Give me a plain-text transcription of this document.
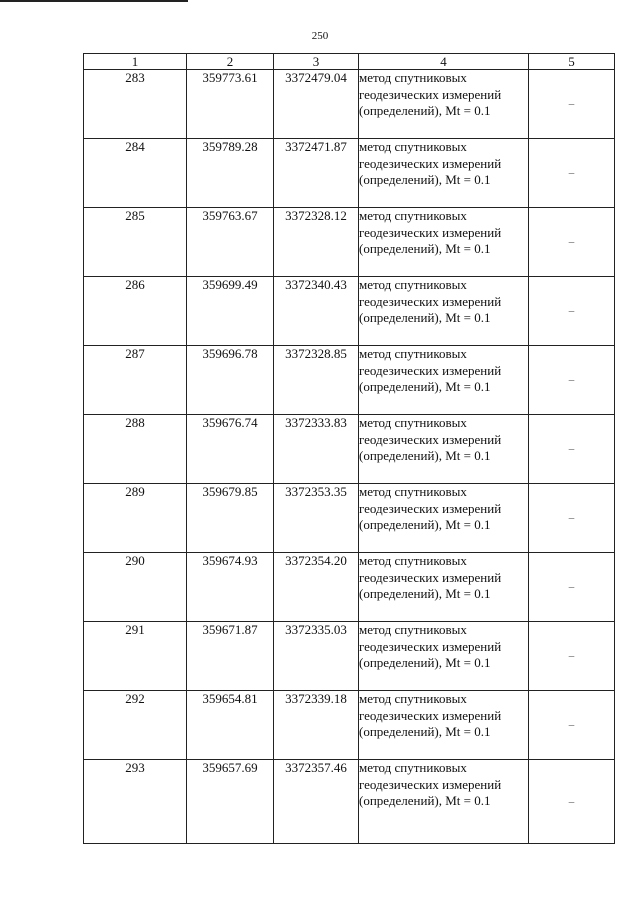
250
1	2	3	4	5
283	359773.61	3372479.04	метод спутниковых геодезических измерений (определений), Mt = 0.1	–
284	359789.28	3372471.87	метод спутниковых геодезических измерений (определений), Mt = 0.1	–
285	359763.67	3372328.12	метод спутниковых геодезических измерений (определений), Mt = 0.1	–
286	359699.49	3372340.43	метод спутниковых геодезических измерений (определений), Mt = 0.1	–
287	359696.78	3372328.85	метод спутниковых геодезических измерений (определений), Mt = 0.1	–
288	359676.74	3372333.83	метод спутниковых геодезических измерений (определений), Mt = 0.1	–
289	359679.85	3372353.35	метод спутниковых геодезических измерений (определений), Mt = 0.1	–
290	359674.93	3372354.20	метод спутниковых геодезических измерений (определений), Mt = 0.1	–
291	359671.87	3372335.03	метод спутниковых геодезических измерений (определений), Mt = 0.1	–
292	359654.81	3372339.18	метод спутниковых геодезических измерений (определений), Mt = 0.1	–
293	359657.69	3372357.46	метод спутниковых геодезических измерений (определений), Mt = 0.1	–
